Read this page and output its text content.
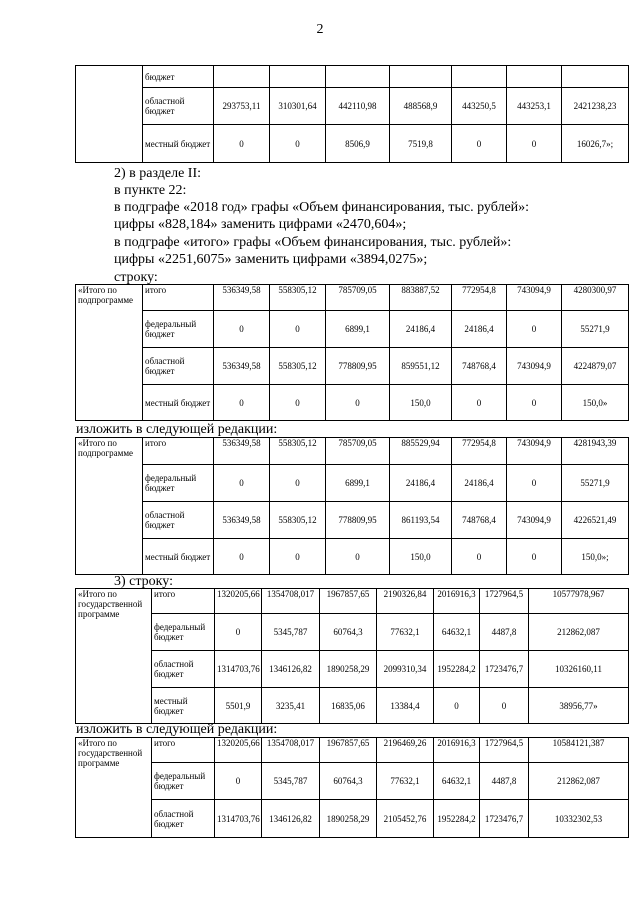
2
	бюджет							
	областной бюджет	293753,11	310301,64	442110,98	488568,9	443250,5	443253,1	2421238,23
	местный бюджет	0	0	8506,9	7519,8	0	0	16026,7»;
2) в разделе II:
в пункте 22:
в подграфе «2018 год» графы «Объем финансирования, тыс. рублей»:
цифры «828,184» заменить цифрами «2470,604»;
в подграфе «итого» графы «Объем финансирования, тыс. рублей»:
цифры «2251,6075» заменить цифрами «3894,0275»;
строку:
«Итого по подпрограмме	итого	536349,58	558305,12	785709,05	883887,52	772954,8	743094,9	4280300,97
	федеральный бюджет	0	0	6899,1	24186,4	24186,4	0	55271,9
	областной бюджет	536349,58	558305,12	778809,95	859551,12	748768,4	743094,9	4224879,07
	местный бюджет	0	0	0	150,0	0	0	150,0»
изложить в следующей редакции:
«Итого по подпрограмме	итого	536349,58	558305,12	785709,05	885529,94	772954,8	743094,9	4281943,39
	федеральный бюджет	0	0	6899,1	24186,4	24186,4	0	55271,9
	областной бюджет	536349,58	558305,12	778809,95	861193,54	748768,4	743094,9	4226521,49
	местный бюджет	0	0	0	150,0	0	0	150,0»;
3) строку:
«Итого по государственной программе	итого	1320205,66	1354708,017	1967857,65	2190326,84	2016916,3	1727964,5	10577978,967
	федеральный бюджет	0	5345,787	60764,3	77632,1	64632,1	4487,8	212862,087
	областной бюджет	1314703,76	1346126,82	1890258,29	2099310,34	1952284,2	1723476,7	10326160,11
	местный бюджет	5501,9	3235,41	16835,06	13384,4	0	0	38956,77»
изложить в следующей редакции:
«Итого по государственной программе	итого	1320205,66	1354708,017	1967857,65	2196469,26	2016916,3	1727964,5	10584121,387
	федеральный бюджет	0	5345,787	60764,3	77632,1	64632,1	4487,8	212862,087
	областной бюджет	1314703,76	1346126,82	1890258,29	2105452,76	1952284,2	1723476,7	10332302,53
